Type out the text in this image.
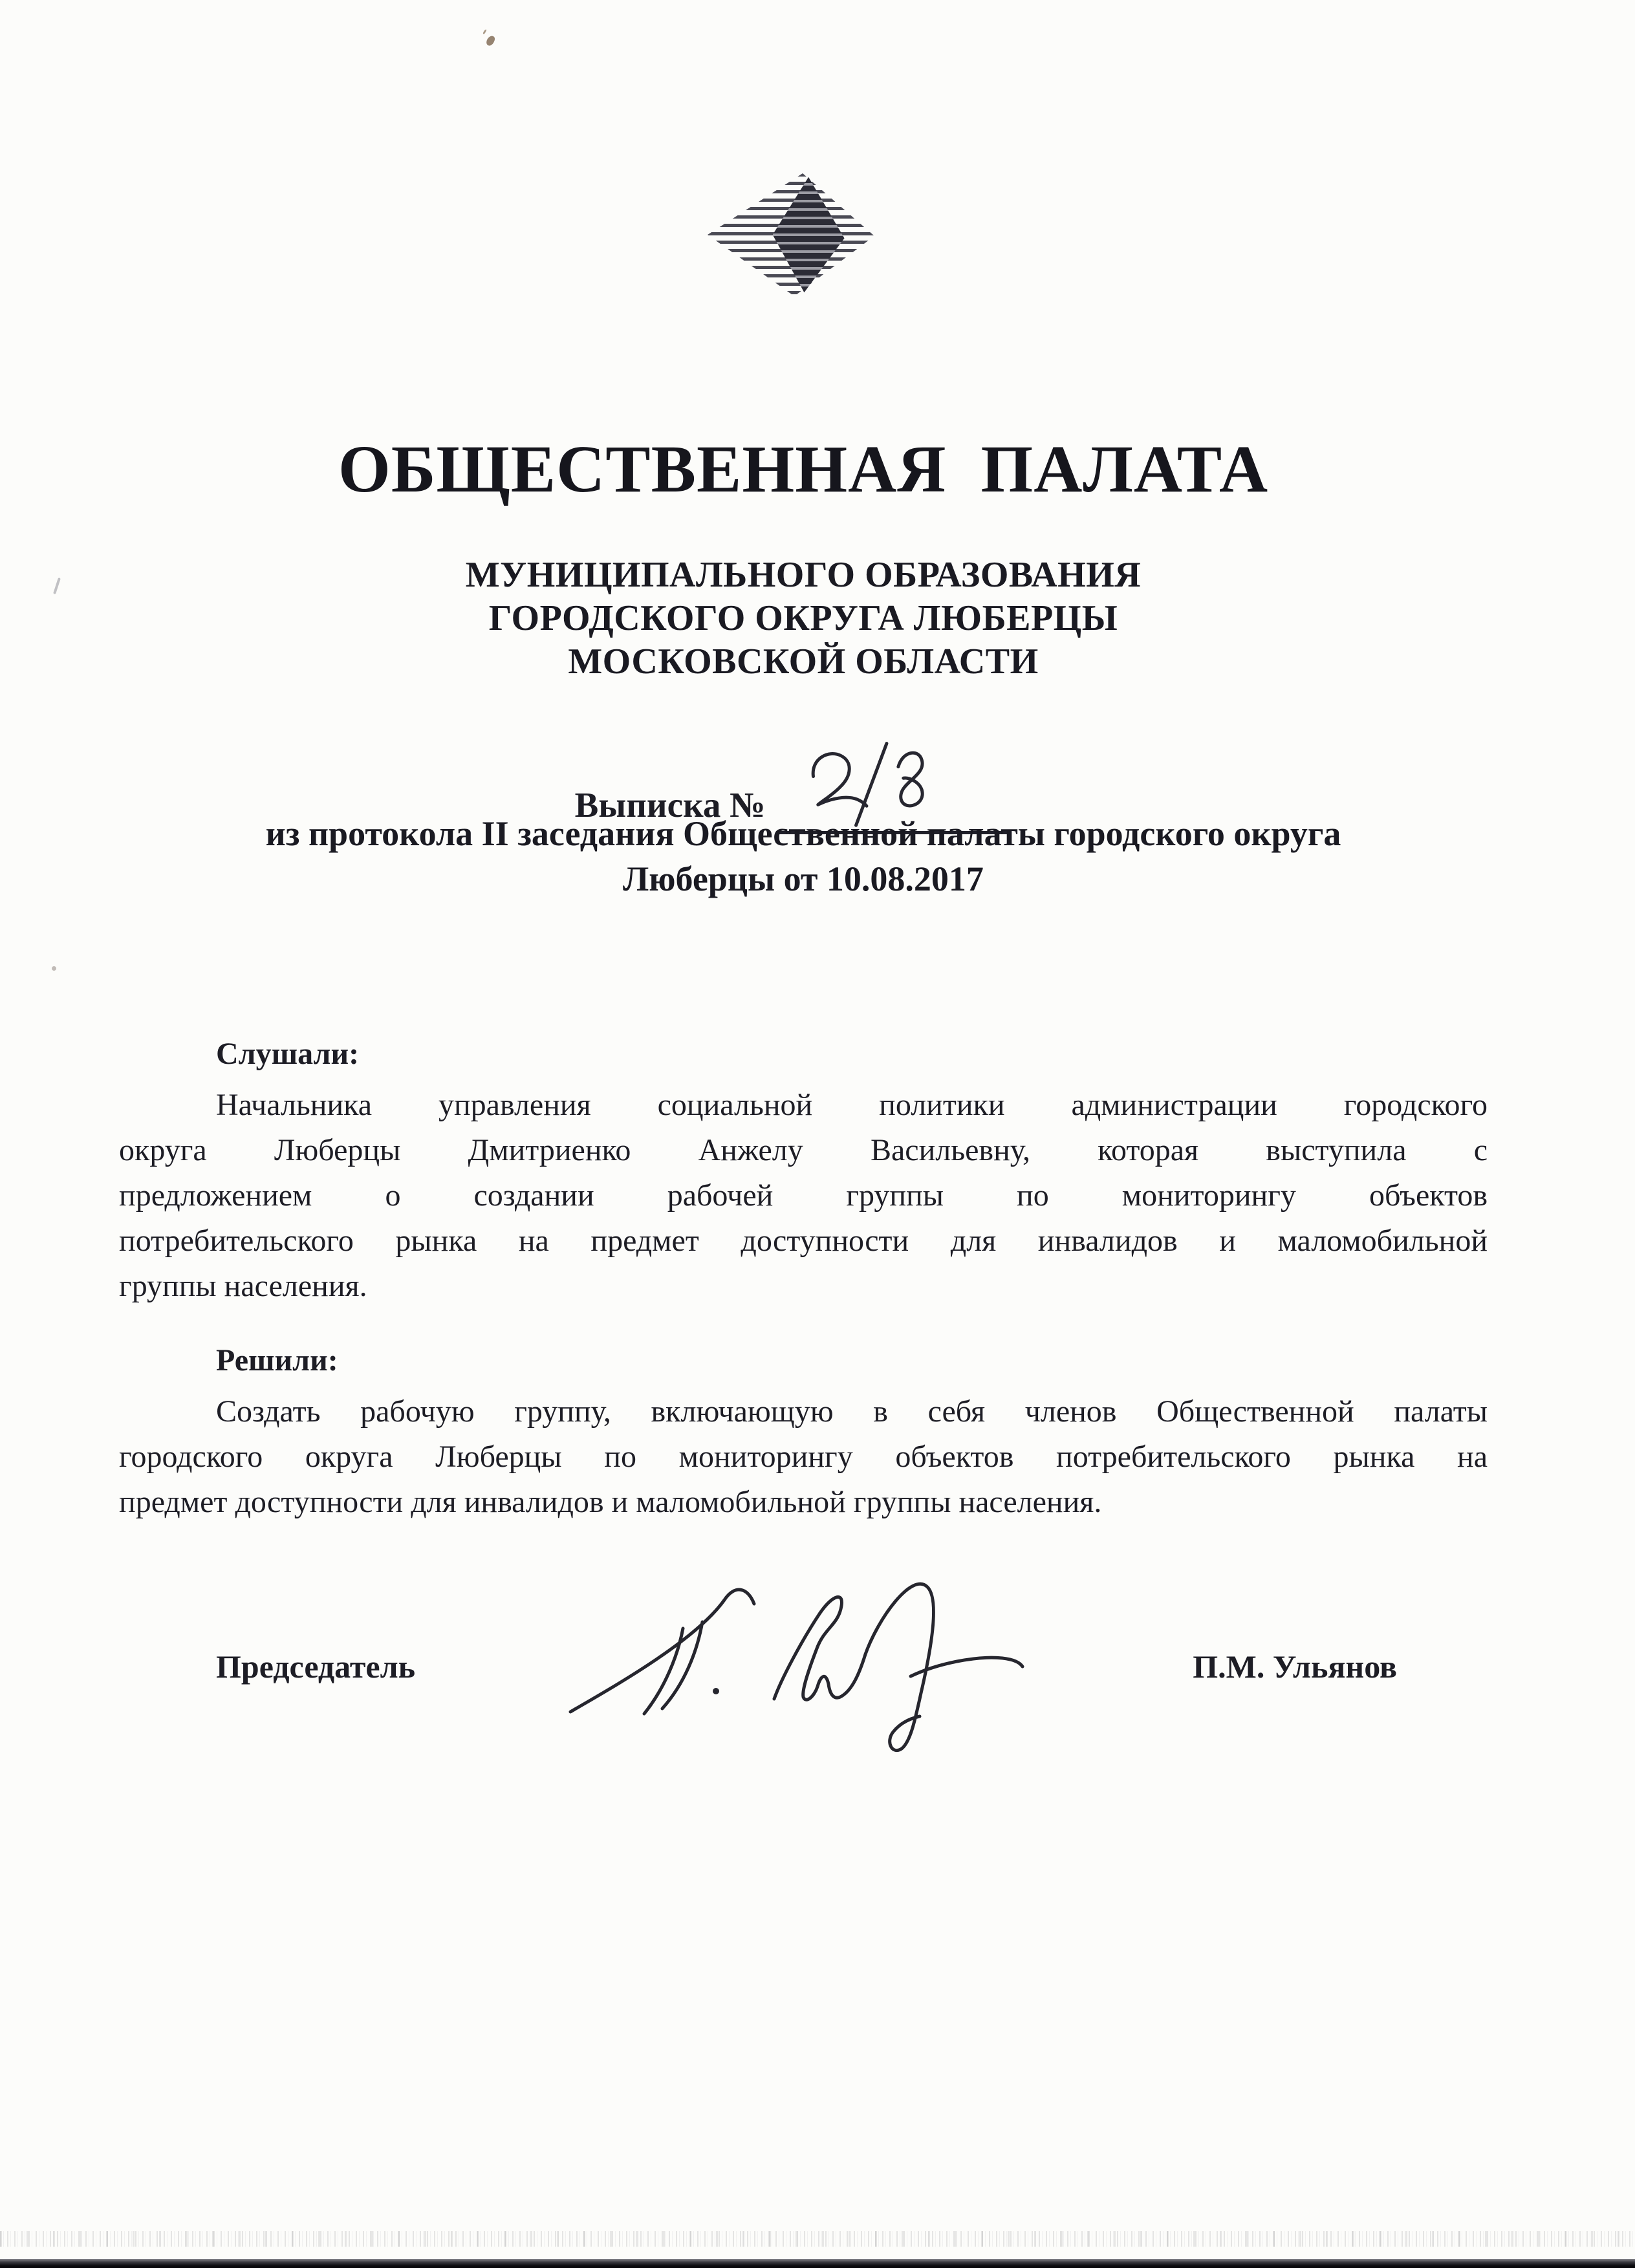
ОБЩЕСТВЕННАЯ ПАЛАТА
МУНИЦИПАЛЬНОГО ОБРАЗОВАНИЯ
ГОРОДСКОГО ОКРУГА ЛЮБЕРЦЫ
МОСКОВСКОЙ ОБЛАСТИ
Выписка №
из протокола II заседания Общественной палаты городского округа
Люберцы от 10.08.2017
Слушали:
Начальника управления социальной политики администрации городского
округа Люберцы Дмитриенко Анжелу Васильевну, которая выступила с
предложением о создании рабочей группы по мониторингу объектов
потребительского рынка на предмет доступности для инвалидов и маломобильной
группы населения.
Решили:
Создать рабочую группу, включающую в себя членов Общественной палаты
городского округа Люберцы по мониторингу объектов потребительского рынка на
предмет доступности для инвалидов и маломобильной группы населения.
Председатель	П.М. Ульянов
